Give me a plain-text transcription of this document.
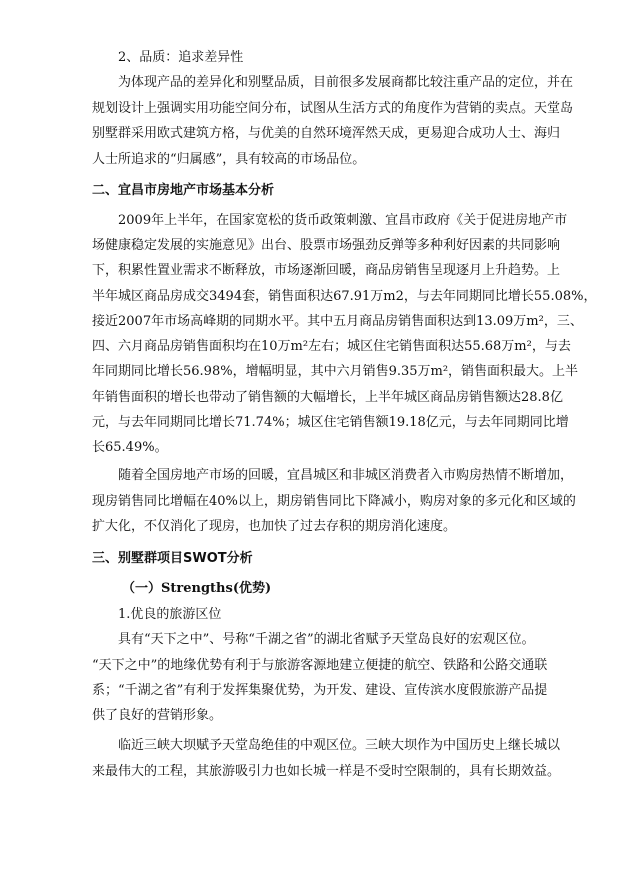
2、品质：追求差异性
为体现产品的差异化和别墅品质，目前很多发展商都比较注重产品的定位，并在
规划设计上强调实用功能空间分布，试图从生活方式的角度作为营销的卖点。天堂岛
别墅群采用欧式建筑方格，与优美的自然环境浑然天成，更易迎合成功人士、海归
人士所追求的“归属感”，具有较高的市场品位。
二、宜昌市房地产市场基本分析
2009年上半年，在国家宽松的货币政策刺激、宜昌市政府《关于促进房地产市
场健康稳定发展的实施意见》出台、股票市场强劲反弹等多种利好因素的共同影响
下，积累性置业需求不断释放，市场逐渐回暖，商品房销售呈现逐月上升趋势。上
半年城区商品房成交3494套，销售面积达67.91万m2，与去年同期同比增长55.08%，
接近2007年市场高峰期的同期水平。其中五月商品房销售面积达到13.09万m²，三、
四、六月商品房销售面积均在10万m²左右；城区住宅销售面积达55.68万m²，与去
年同期同比增长56.98%，增幅明显，其中六月销售9.35万m²，销售面积最大。上半
年销售面积的增长也带动了销售额的大幅增长，上半年城区商品房销售额达28.8亿
元，与去年同期同比增长71.74%；城区住宅销售额19.18亿元，与去年同期同比增
长65.49%。
随着全国房地产市场的回暖，宜昌城区和非城区消费者入市购房热情不断增加，
现房销售同比增幅在40%以上，期房销售同比下降减小，购房对象的多元化和区域的
扩大化，不仅消化了现房，也加快了过去存积的期房消化速度。
三、别墅群项目SWOT分析
（一）Strengths(优势)
1.优良的旅游区位
具有“天下之中”、号称“千湖之省”的湖北省赋予天堂岛良好的宏观区位。
“天下之中”的地缘优势有利于与旅游客源地建立便捷的航空、铁路和公路交通联
系；“千湖之省”有利于发挥集聚优势，为开发、建设、宣传滨水度假旅游产品提
供了良好的营销形象。
临近三峡大坝赋予天堂岛绝佳的中观区位。三峡大坝作为中国历史上继长城以
来最伟大的工程，其旅游吸引力也如长城一样是不受时空限制的，具有长期效益。
